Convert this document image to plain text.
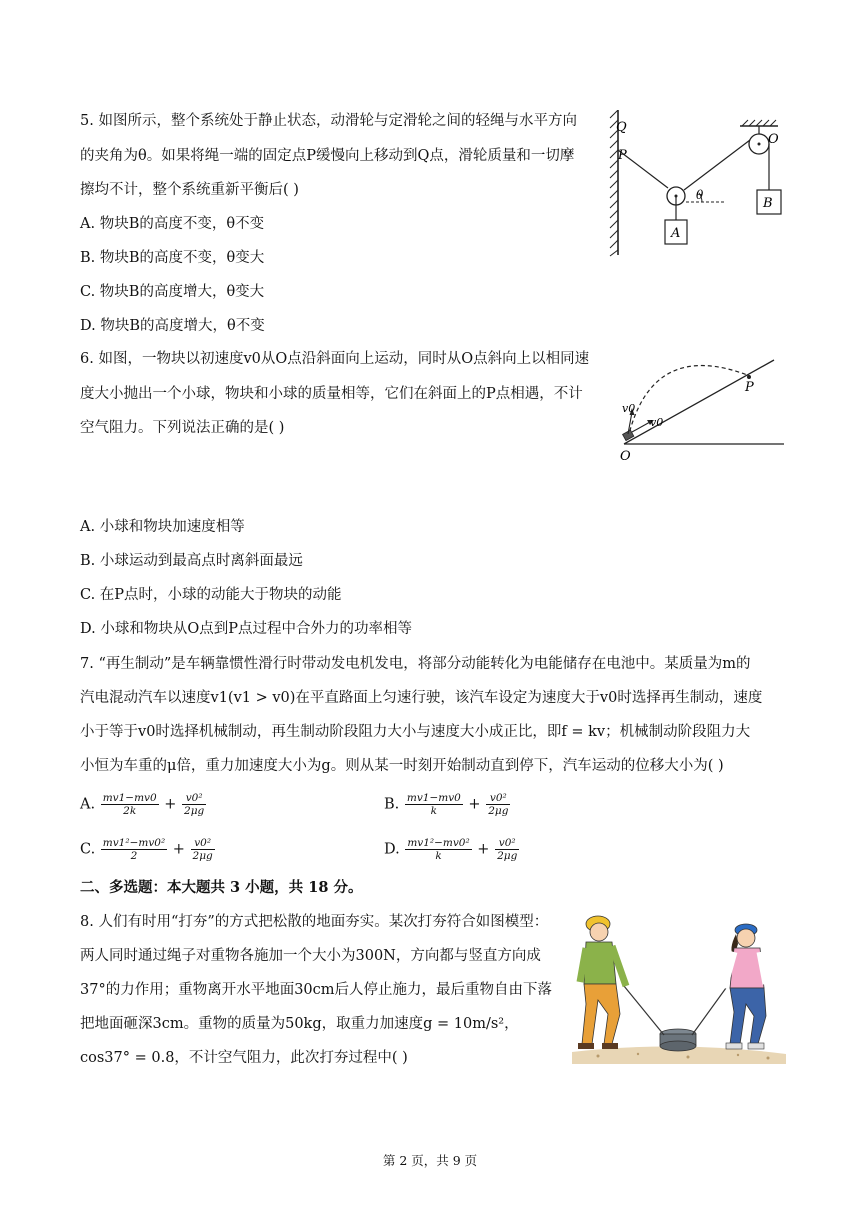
5. 如图所示，整个系统处于静止状态，动滑轮与定滑轮之间的轻绳与水平方向
的夹角为θ。如果将绳一端的固定点P缓慢向上移动到Q点，滑轮质量和一切摩
擦均不计，整个系统重新平衡后( )
A. 物块B的高度不变，θ不变
B. 物块B的高度不变，θ变大
C. 物块B的高度增大，θ变大
D. 物块B的高度增大，θ不变
Q
P
O
θ
A
B
6. 如图，一物块以初速度v0从O点沿斜面向上运动，同时从O点斜向上以相同速
度大小抛出一个小球，物块和小球的质量相等，它们在斜面上的P点相遇，不计
空气阻力。下列说法正确的是( )
v0
v0
P
O
A. 小球和物块加速度相等
B. 小球运动到最高点时离斜面最远
C. 在P点时，小球的动能大于物块的动能
D. 小球和物块从O点到P点过程中合外力的功率相等
7. “再生制动”是车辆靠惯性滑行时带动发电机发电，将部分动能转化为电能储存在电池中。某质量为m的
汽电混动汽车以速度v1(v1 > v0)在平直路面上匀速行驶，该汽车设定为速度大于v0时选择再生制动，速度
小于等于v0时选择机械制动，再生制动阶段阻力大小与速度大小成正比，即f = kv；机械制动阶段阻力大
小恒为车重的μ倍，重力加速度大小为g。则从某一时刻开始制动直到停下，汽车运动的位移大小为( )
A. $\frac{mv1-mv0}{2k} + \frac{\text{v0²}}{2\mu g}$	B. $\frac{mv1-mv0}{k} + \frac{\text{v0²}}{2\mu g}$
C. $\frac{\text{mv1²−mv0²}}{2} + \frac{\text{v0²}}{2\mu g}$	D. $\frac{\text{mv1²−mv0²}}{k} + \frac{\text{v0²}}{2\mu g}$
二、多选题：本大题共 3 小题，共 18 分。
8. 人们有时用“打夯”的方式把松散的地面夯实。某次打夯符合如图模型：
两人同时通过绳子对重物各施加一个大小为300N，方向都与竖直方向成
37°的力作用；重物离开水平地面30cm后人停止施力，最后重物自由下落
把地面砸深3cm。重物的质量为50kg，取重力加速度g = 10m/s²，
cos37° = 0.8，不计空气阻力，此次打夯过程中( )
第 2 页，共 9 页
